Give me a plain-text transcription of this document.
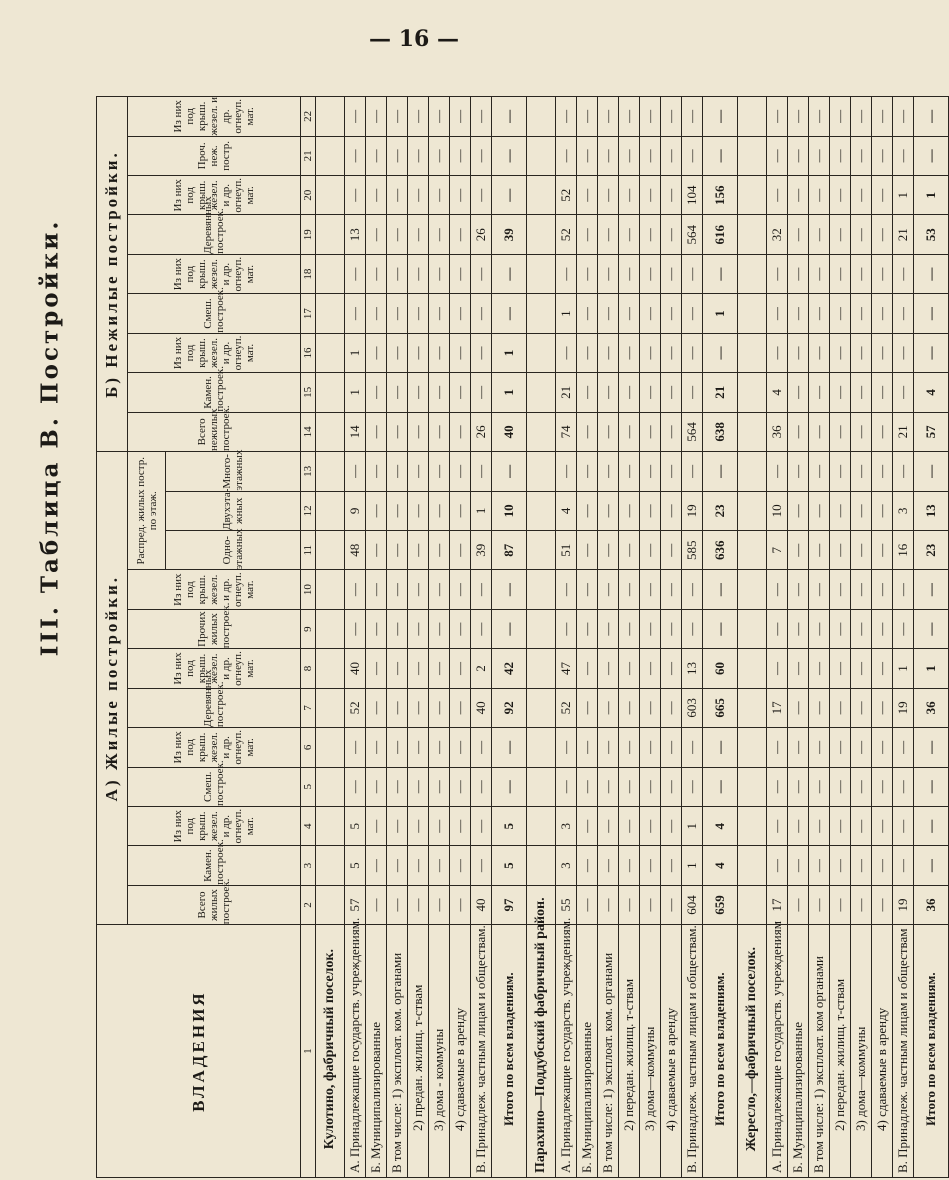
— 16 —
III. Таблица В. Постройки.
ВЛАДЕНИЯ	А) Жилые постройки.												Б) Нежилые постройки.								
	Всего жилых построек.	Камен. построек.	Из них под крыш. жезел. и др. огнеуп. мат.	Смеш. построек.	Из них под крыш. жезел. и др. огнеуп. мат.	Деревянных построек.	Из них под крыш. жезел. и др. огнеуп. мат.	Прочих жилых построек.	Из них под крыш. жезел. и др. огнеуп. мат.	Распред. жилых постр. по этаж.			Всего нежилых построек.	Камен. построек.	Из них под крыш. жезел. и др. огнеуп. мат.	Смеш. построек.	Из них под крыш. жезел. и др. огнеуп. мат.	Деревянных построек.	Из них под крыш. жезел. и др. огнеуп. мат.	Проч. неж. постр.	Из них под крыш. жезел. и др. огнеуп. мат.
										Одно-этажных	Двухэта-жных	Много-этажных									
1	2	3	4	5	6	7	8	9	10	11	12	13	14	15	16	17	18	19	20	21	22
Кулотино, фабричный поселок.																					
А. Принадлежащие государств. учреждениям.	57	5	5	—	—	52	40	—	—	48	9	—	14	1	1	—	—	13	—	—	—
Б. Муниципализированные	—	—	—	—	—	—	—	—	—	—	—	—	—	—	—	—	—	—	—	—	—
В том числе: 1) эксплоат. ком. органами	—	—	—	—	—	—	—	—	—	—	—	—	—	—	—	—	—	—	—	—	—
2) предан. жилищ. т-ствам	—	—	—	—	—	—	—	—	—	—	—	—	—	—	—	—	—	—	—	—	—
3) дома - коммуны	—	—	—	—	—	—	—	—	—	—	—	—	—	—	—	—	—	—	—	—	—
4) сдаваемые в аренду	—	—	—	—	—	—	—	—	—	—	—	—	—	—	—	—	—	—	—	—	—
В. Принадлеж. частным лицам и обществам.	40	—	—	—	—	40	2	—	—	39	1	—	26	—	—	—	—	26	—	—	—
Итого по всем владениям.	97	5	5	—	—	92	42	—	—	87	10	—	40	1	1	—	—	39	—	—	—
Парахино—Поддубский фабричный район.																					
А. Принадлежащие государств. учреждениям.	55	3	3	—	—	52	47	—	—	51	4	—	74	21	—	1	—	52	52	—	—
Б. Муниципализированные	—	—	—	—	—	—	—	—	—	—	—	—	—	—	—	—	—	—	—	—	—
В том числе: 1) эксплоат. ком. органами	—	—	—	—	—	—	—	—	—	—	—	—	—	—	—	—	—	—	—	—	—
2) передан. жилищ. т-ствам	—	—	—	—	—	—	—	—	—	—	—	—	—	—	—	—	—	—	—	—	—
3) дома—коммуны	—	—	—	—	—	—	—	—	—	—	—	—	—	—	—	—	—	—	—	—	—
4) сдаваемые в аренду	—	—	—	—	—	—	—	—	—	—	—	—	—	—	—	—	—	—	—	—	—
В. Принадлеж. частным лицам и обществам.	604	1	1	—	—	603	13	—	—	585	19	—	564	—	—	—	—	564	104	—	—
Итого по всем владениям.	659	4	4	—	—	665	60	—	—	636	23	—	638	21	—	1	—	616	156	—	—
Жересло,—фабричный поселок.																					
А. Принадлежащие государств. учреждениям	17	—	—	—	—	17	—	—	—	7	10	—	36	4	—	—	—	32	—	—	—
Б. Муниципализированные	—	—	—	—	—	—	—	—	—	—	—	—	—	—	—	—	—	—	—	—	—
В том числе: 1) эксплоат. ком органами	—	—	—	—	—	—	—	—	—	—	—	—	—	—	—	—	—	—	—	—	—
2) передан. жилищ. т-ствам	—	—	—	—	—	—	—	—	—	—	—	—	—	—	—	—	—	—	—	—	—
3) дома—коммуны	—	—	—	—	—	—	—	—	—	—	—	—	—	—	—	—	—	—	—	—	—
4) сдаваемые в аренду	—	—	—	—	—	—	—	—	—	—	—	—	—	—	—	—	—	—	—	—	—
В. Принадлеж. частным лицам и обществам	19	—	—	—	—	19	1	—	—	16	3	—	21	—	—	—	—	21	1	—	—
Итого по всем владениям.	36	—	—	—	—	36	1	—	—	23	13	—	57	4	—	—	—	53	1	—	—
